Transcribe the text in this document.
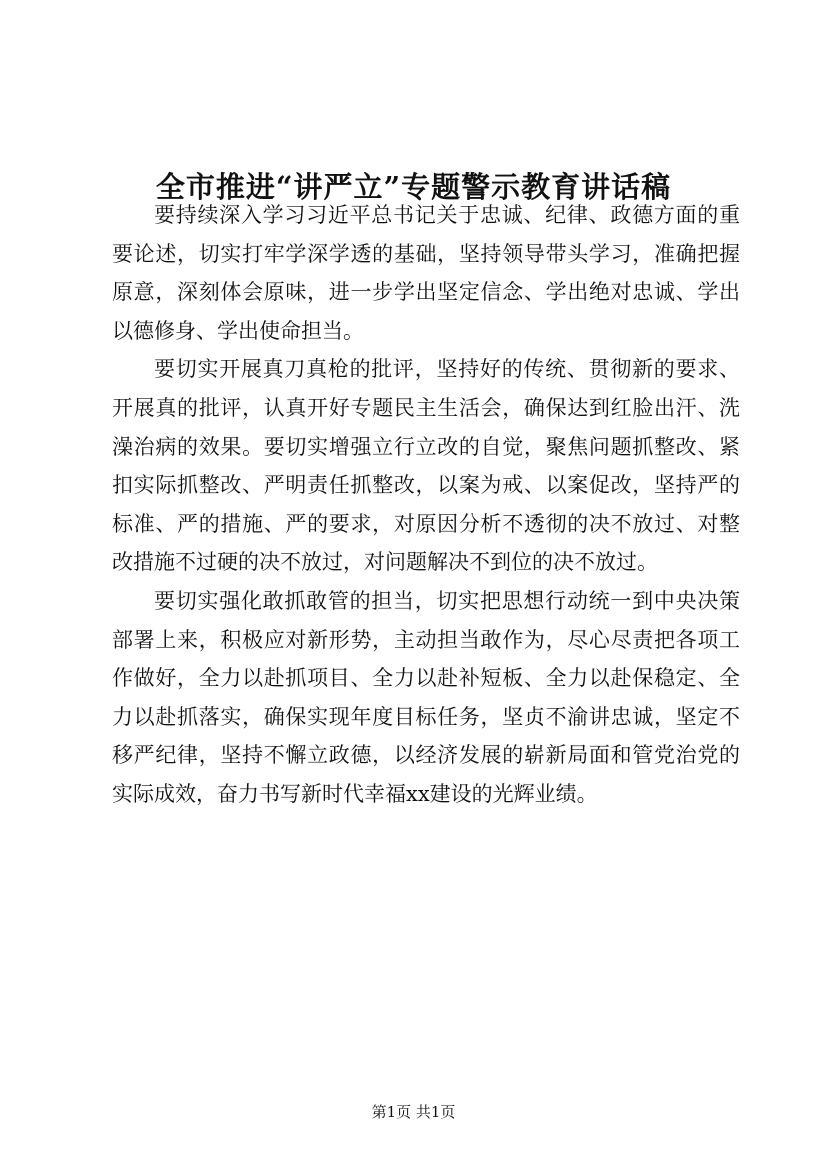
全市推进“讲严立”专题警示教育讲话稿

要持续深入学习习近平总书记关于忠诚、纪律、政德方面的重要论述，切实打牢学深学透的基础，坚持领导带头学习，准确把握原意，深刻体会原味，进一步学出坚定信念、学出绝对忠诚、学出以德修身、学出使命担当。

要切实开展真刀真枪的批评，坚持好的传统、贯彻新的要求、开展真的批评，认真开好专题民主生活会，确保达到红脸出汗、洗澡治病的效果。要切实增强立行立改的自觉，聚焦问题抓整改、紧扣实际抓整改、严明责任抓整改，以案为戒、以案促改，坚持严的标准、严的措施、严的要求，对原因分析不透彻的决不放过、对整改措施不过硬的决不放过，对问题解决不到位的决不放过。

要切实强化敢抓敢管的担当，切实把思想行动统一到中央决策部署上来，积极应对新形势，主动担当敢作为，尽心尽责把各项工作做好，全力以赴抓项目、全力以赴补短板、全力以赴保稳定、全力以赴抓落实，确保实现年度目标任务，坚贞不渝讲忠诚，坚定不移严纪律，坚持不懈立政德，以经济发展的崭新局面和管党治党的实际成效，奋力书写新时代幸福xx建设的光辉业绩。

第1页 共1页
